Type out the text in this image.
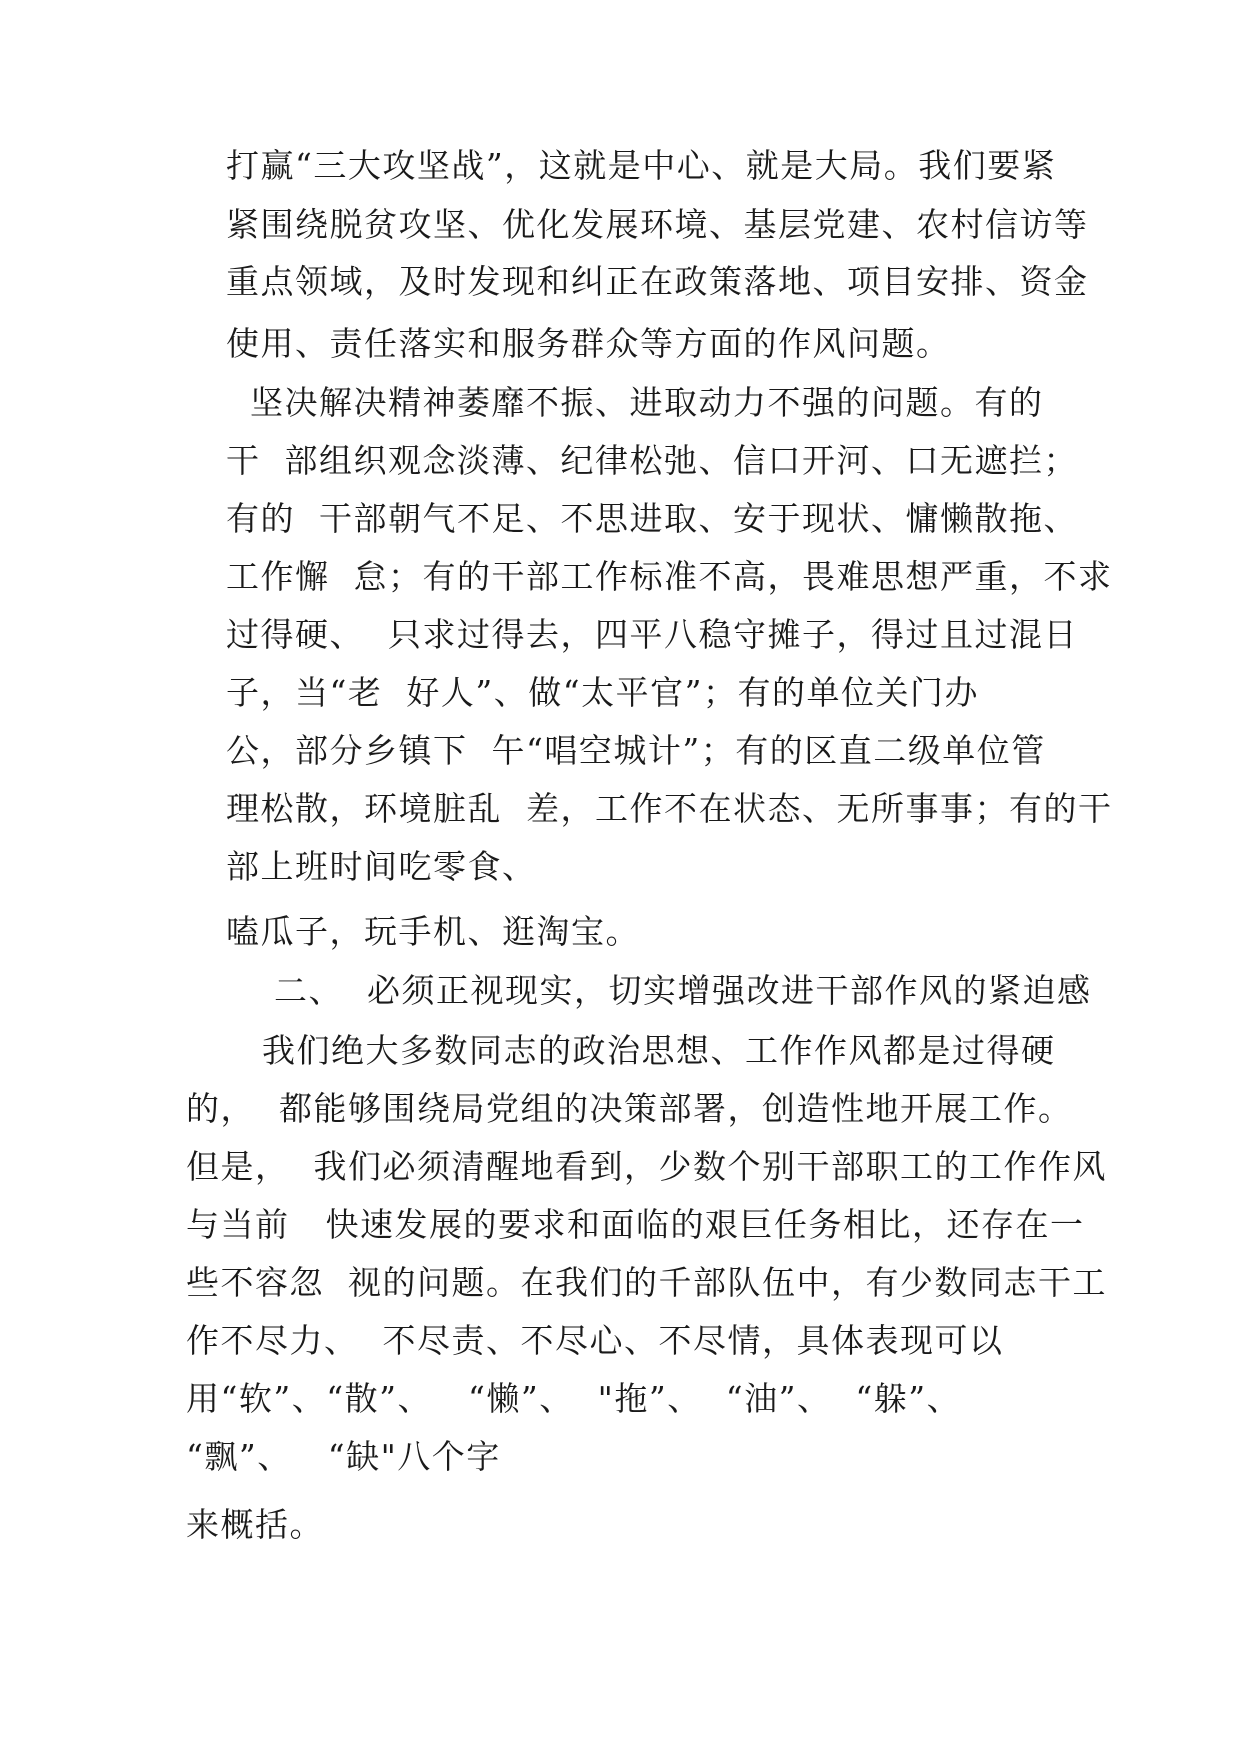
打赢“三大攻坚战”，这就是中心、就是大局。我们要紧
紧围绕脱贫攻坚、优化发展环境、基层党建、农村信访等
重点领域，及时发现和纠正在政策落地、项目安排、资金
使用、责任落实和服务群众等方面的作风问题。
坚决解决精神萎靡不振、进取动力不强的问题。有的
干  部组织观念淡薄、纪律松弛、信口开河、口无遮拦；
有的  干部朝气不足、不思进取、安于现状、慵懒散拖、
工作懈  怠；有的干部工作标准不高，畏难思想严重，不求
过得硬、  只求过得去，四平八稳守摊子，得过且过混日
子，当“老  好人”、做“太平官”；有的单位关门办
公，部分乡镇下  午“唱空城计”；有的区直二级单位管
理松散，环境脏乱  差，工作不在状态、无所事事；有的干
部上班时间吃零食、
嗑瓜子，玩手机、逛淘宝。
二、  必须正视现实，切实增强改进干部作风的紧迫感
我们绝大多数同志的政治思想、工作作风都是过得硬
的，  都能够围绕局党组的决策部署，创造性地开展工作。
但是，  我们必须清醒地看到，少数个别干部职工的工作作风
与当前   快速发展的要求和面临的艰巨任务相比，还存在一
些不容忽  视的问题。在我们的千部队伍中，有少数同志干工
作不尽力、  不尽责、不尽心、不尽情，具体表现可以
用“软”、“散”、   “懒”、  "拖”、  “油”、  “躲”、
“飘”、   “缺"八个字
来概括。
